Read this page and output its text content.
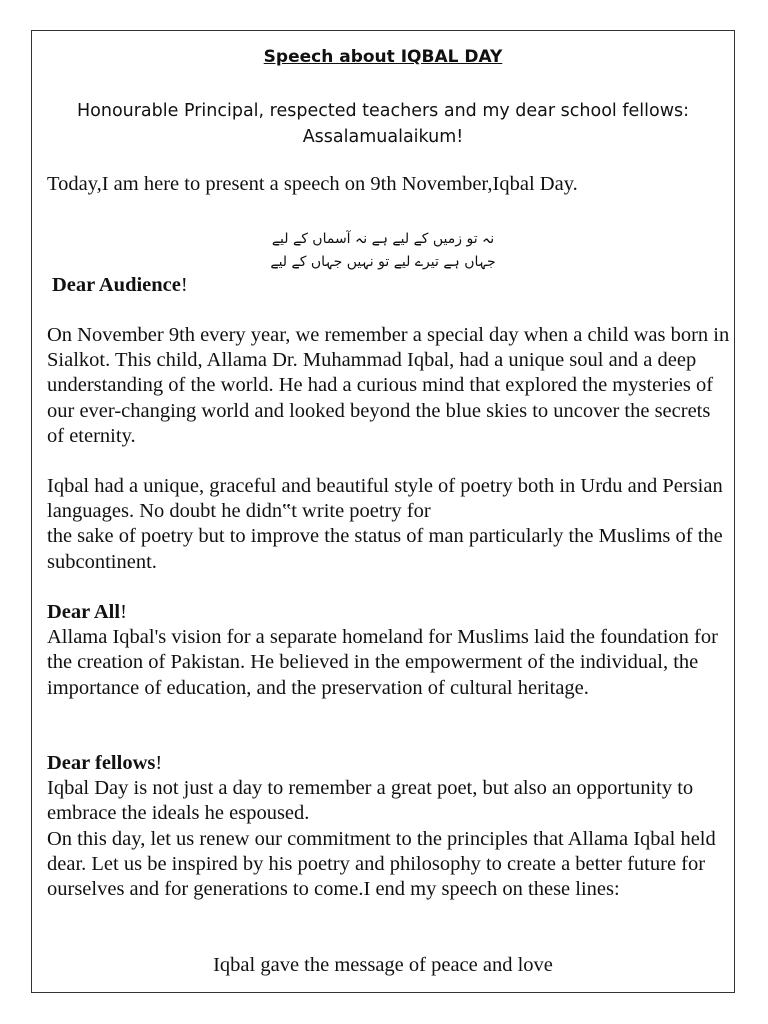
Speech about IQBAL DAY
Honourable Principal, respected teachers and my dear school fellows:
Assalamualaikum!

Today,I am here to present a speech on 9th November,Iqbal Day.

نہ تو زمیں کے لیے ہے نہ آسماں کے لیے
جہاں ہے تیرے لیے تو نہیں جہاں کے لیے

Dear Audience!

On November 9th every year, we remember a special day when a child was born in Sialkot. This child, Allama Dr. Muhammad Iqbal, had a unique soul and a deep understanding of the world. He had a curious mind that explored the mysteries of our ever-changing world and looked beyond the blue skies to uncover the secrets of eternity.

Iqbal had a unique, graceful and beautiful style of poetry both in Urdu and Persian languages. No doubt he didn‟t write poetry for
the sake of poetry but to improve the status of man particularly the Muslims of the subcontinent.
Dear All!
Allama Iqbal's vision for a separate homeland for Muslims laid the foundation for the creation of Pakistan. He believed in the empowerment of the individual, the importance of education, and the preservation of cultural heritage.
Dear fellows!
Iqbal Day is not just a day to remember a great poet, but also an opportunity to embrace the ideals he espoused.
On this day, let us renew our commitment to the principles that Allama Iqbal held dear. Let us be inspired by his poetry and philosophy to create a better future for ourselves and for generations to come.I end my speech on these lines:

Iqbal gave the message of peace and love
